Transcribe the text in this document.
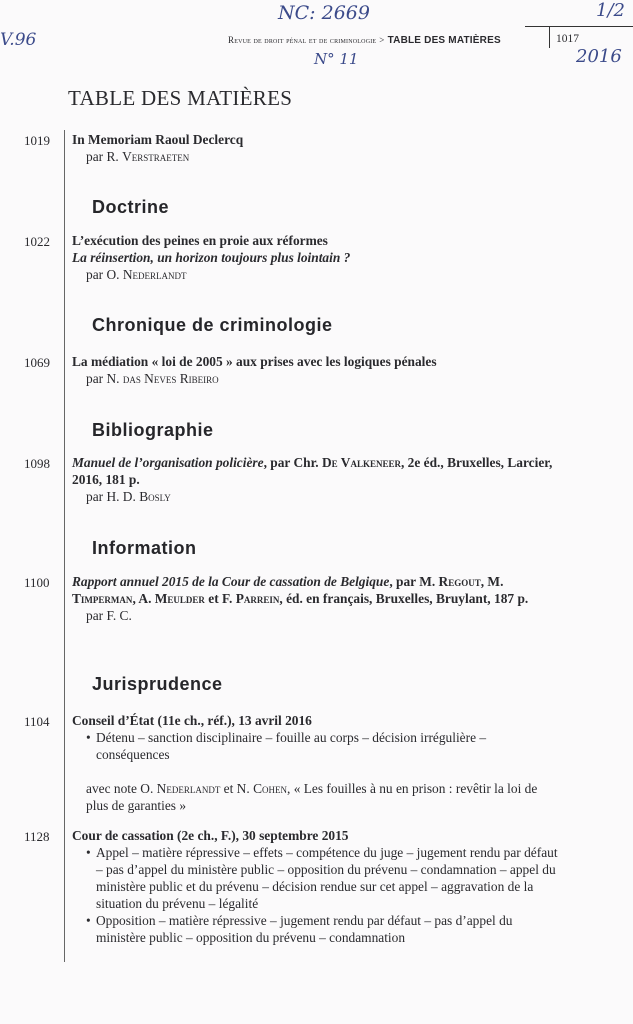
V.96
NC: 2669
N° 11
1/2
2016
Revue de droit pénal et de criminologie > TABLE DES MATIÈRES	1017
TABLE DES MATIÈRES
1019 In Memoriam Raoul Declercq
par R. Verstraeten
Doctrine
1022 L’exécution des peines en proie aux réformes
La réinsertion, un horizon toujours plus lointain ?
par O. Nederlandt
Chronique de criminologie
1069 La médiation « loi de 2005 » aux prises avec les logiques pénales
par N. das Neves Ribeiro
Bibliographie
1098 Manuel de l’organisation policière, par Chr. De Valkeneer, 2e éd., Bruxelles, Larcier, 2016, 181 p.
par H. D. Bosly
Information
1100 Rapport annuel 2015 de la Cour de cassation de Belgique, par M. Regout, M. Timperman, A. Meulder et F. Parrein, éd. en français, Bruxelles, Bruylant, 187 p.
par F. C.
Jurisprudence
1104 Conseil d’État (11e ch., réf.), 13 avril 2016
• Détenu – sanction disciplinaire – fouille au corps – décision irrégulière – conséquences
avec note O. Nederlandt et N. Cohen, « Les fouilles à nu en prison : revêtir la loi de plus de garanties »
1128 Cour de cassation (2e ch., F.), 30 septembre 2015
• Appel – matière répressive – effets – compétence du juge – jugement rendu par défaut – pas d’appel du ministère public – opposition du prévenu – condamnation – appel du ministère public et du prévenu – décision rendue sur cet appel – aggravation de la situation du prévenu – légalité
• Opposition – matière répressive – jugement rendu par défaut – pas d’appel du ministère public – opposition du prévenu – condamnation
